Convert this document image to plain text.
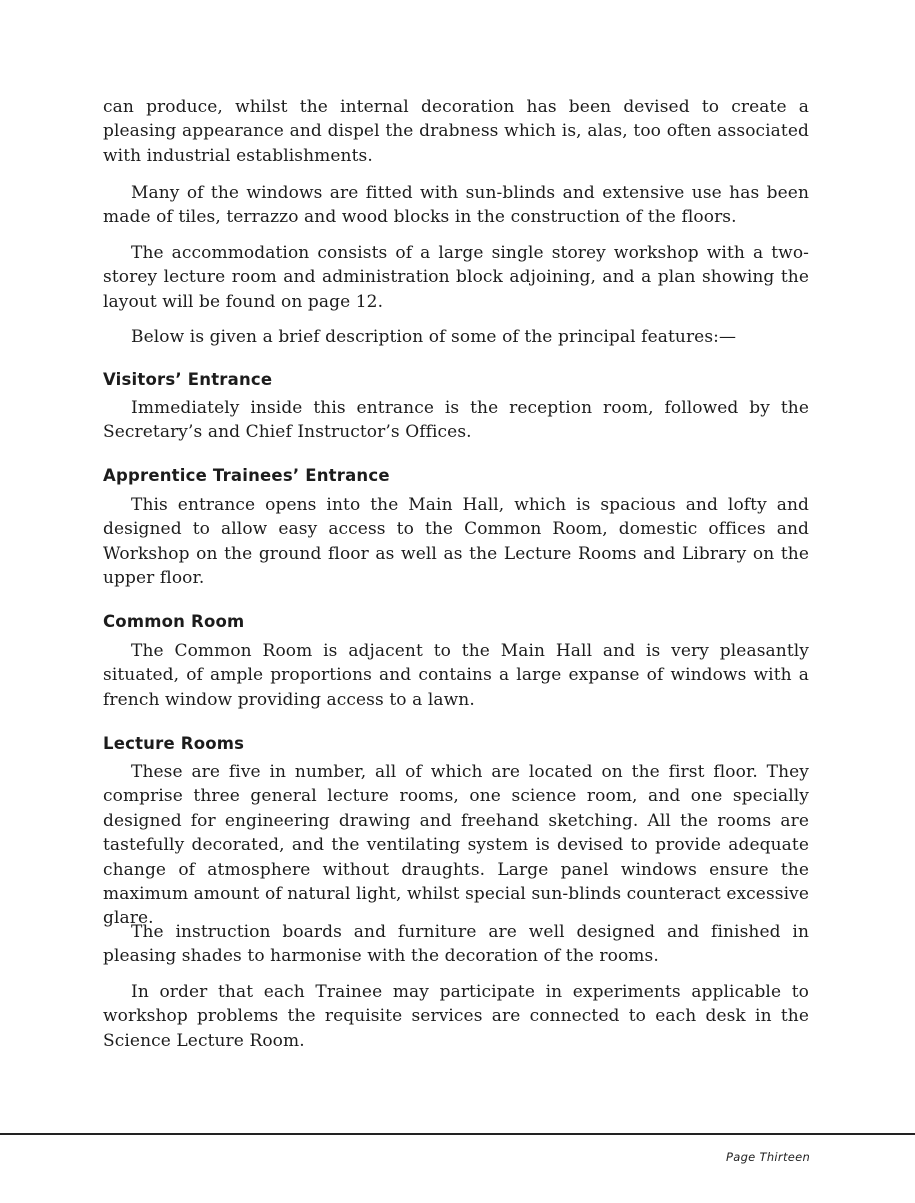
can produce, whilst the internal decoration has been devised to create a pleasing appearance and dispel the drabness which is, alas, too often associated with industrial establishments.

Many of the windows are fitted with sun-blinds and extensive use has been made of tiles, terrazzo and wood blocks in the construction of the floors.

The accommodation consists of a large single storey workshop with a two-storey lecture room and administration block adjoining, and a plan showing the layout will be found on page 12.

Below is given a brief description of some of the principal features:—

Visitors’ Entrance

Immediately inside this entrance is the reception room, followed by the Secretary’s and Chief Instructor’s Offices.

Apprentice Trainees’ Entrance

This entrance opens into the Main Hall, which is spacious and lofty and designed to allow easy access to the Common Room, domestic offices and Workshop on the ground floor as well as the Lecture Rooms and Library on the upper floor.

Common Room

The Common Room is adjacent to the Main Hall and is very pleasantly situated, of ample proportions and contains a large expanse of windows with a french window providing access to a lawn.

Lecture Rooms

These are five in number, all of which are located on the first floor. They comprise three general lecture rooms, one science room, and one specially designed for engineering drawing and freehand sketching. All the rooms are tastefully decorated, and the ventilating system is devised to provide adequate change of atmosphere without draughts. Large panel windows ensure the maximum amount of natural light, whilst special sun-blinds counteract excessive glare.

The instruction boards and furniture are well designed and finished in pleasing shades to harmonise with the decoration of the rooms.

In order that each Trainee may participate in experiments applicable to workshop problems the requisite services are connected to each desk in the Science Lecture Room.

Page Thirteen
